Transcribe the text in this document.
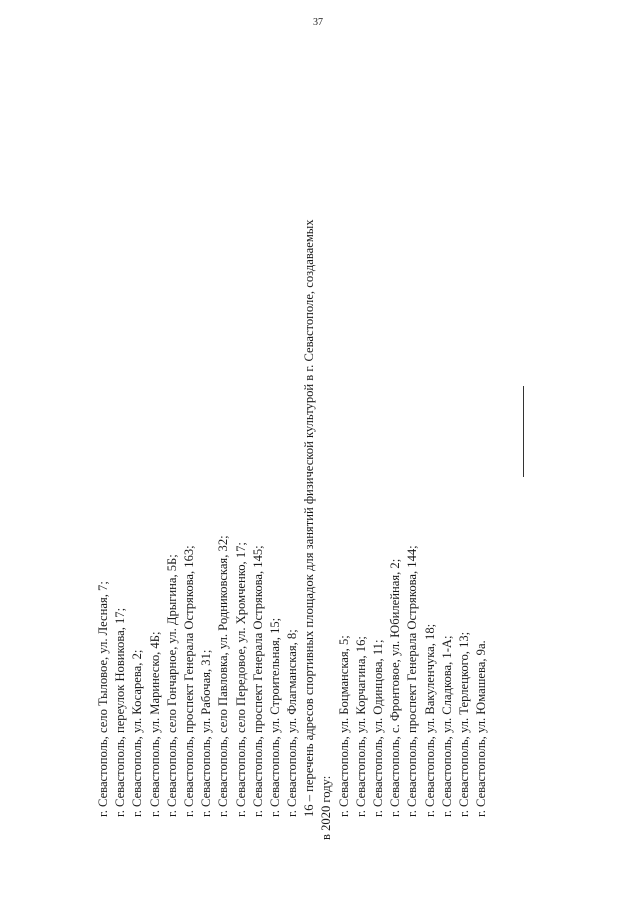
37
г. Севастополь, село Тыловое, ул. Лесная, 7; г. Севастополь, переулок Новикова, 17; г. Севастополь, ул. Косарева, 2; г. Севастополь, ул. Маринеско, 4Б; г. Севастополь, село Гончарное, ул. Дрыгина, 5Б; г. Севастополь, проспект Генерала Острякова, 163; г. Севастополь, ул. Рабочая, 31; г. Севастополь, село Павловка, ул. Родниковская, 32; г. Севастополь, село Передовое, ул. Хромченко, 17; г. Севастополь, проспект Генерала Острякова, 145; г. Севастополь, ул. Строительная, 15; г. Севастополь, ул. Флагманская, 8; 16 – перечень адресов спортивных площадок для занятий физической культурой в г. Севастополе, создаваемых в 2020 году: г. Севастополь, ул. Боцманская, 5; г. Севастополь, ул. Корчагина, 16; г. Севастополь, ул. Одинцова, 11; г. Севастополь, с. Фронтовое, ул. Юбилейная, 2; г. Севастополь, проспект Генерала Острякова, 144; г. Севастополь, ул. Вакуленчука, 18; г. Севастополь, ул. Сладкова, 1-А; г. Севастополь, ул. Терлецкого, 13; г. Севастополь, ул. Юмашева, 9а.
